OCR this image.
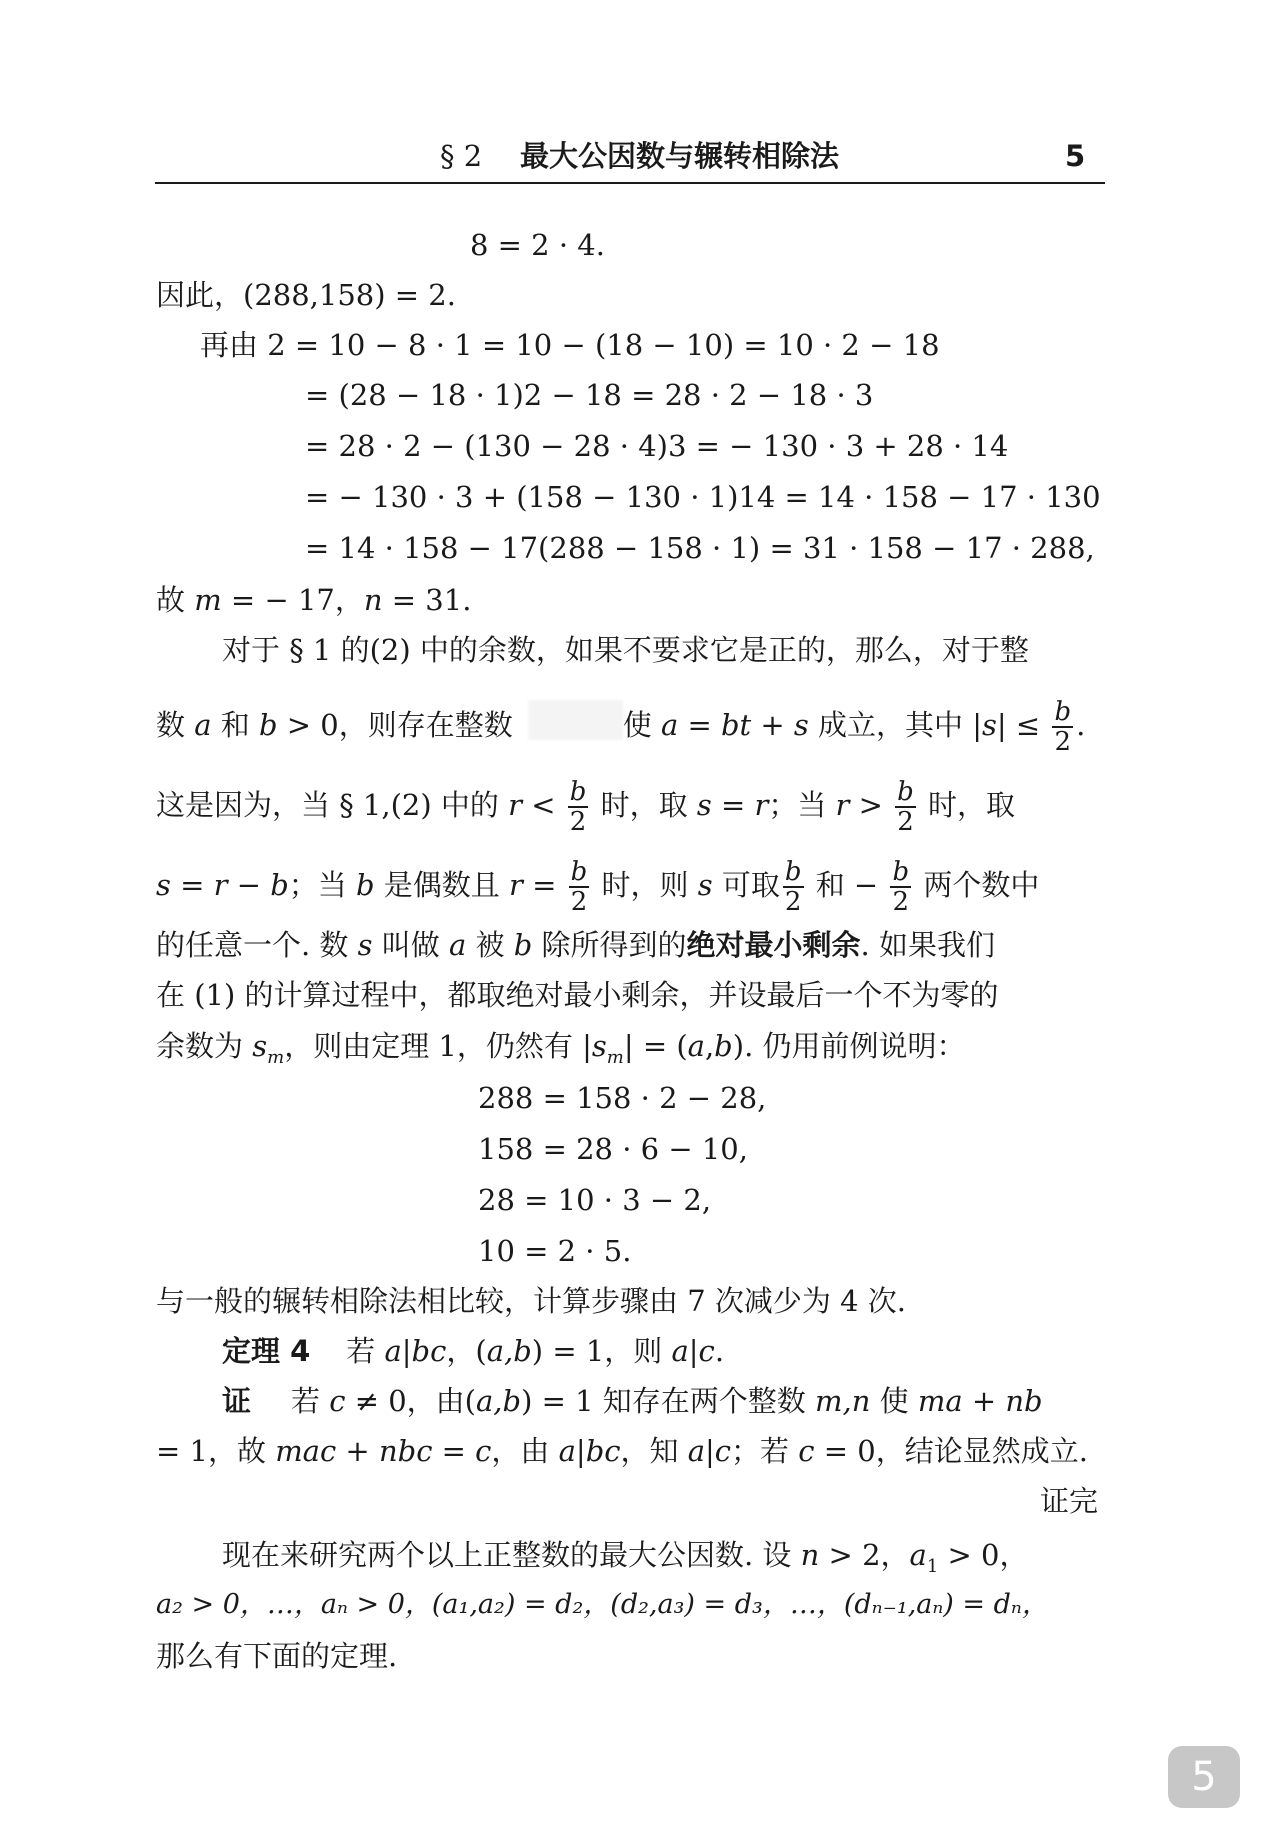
§ 2 最大公因数与辗转相除法	5
8 = 2 · 4.
因此，(288,158) = 2.
再由 2 = 10 − 8 · 1 = 10 − (18 − 10) = 10 · 2 − 18
= (28 − 18 · 1)2 − 18 = 28 · 2 − 18 · 3
= 28 · 2 − (130 − 28 · 4)3 = − 130 · 3 + 28 · 14
= − 130 · 3 + (158 − 130 · 1)14 = 14 · 158 − 17 · 130
= 14 · 158 − 17(288 − 158 · 1) = 31 · 158 − 17 · 288,
故 m = − 17，n = 31.
对于 § 1 的(2) 中的余数，如果不要求它是正的，那么，对于整
数 a 和 b > 0，则存在整数	使 a = bt + s 成立，其中 $|s| \le \frac{b}{2}$ .
这是因为，当 § 1,(2) 中的 $r < \frac{b}{2}$ 时，取 s = r；当 $r > \frac{b}{2}$ 时，取
s = r − b；当 b 是偶数且 $r = \frac{b}{2}$ 时，则 s 可取 $\frac{b}{2}$ 和 − $\frac{b}{2}$ 两个数中
的任意一个. 数 s 叫做 a 被 b 除所得到的绝对最小剩余. 如果我们
在 (1) 的计算过程中，都取绝对最小剩余，并设最后一个不为零的
余数为 $s_m$，则由定理 1，仍然有 $|s_m| = (a,b)$. 仍用前例说明：
288 = 158 · 2 − 28,
158 = 28 · 6 − 10,
28 = 10 · 3 − 2,
10 = 2 · 5.
与一般的辗转相除法相比较，计算步骤由 7 次减少为 4 次.
定理 4 若 a|bc，(a,b) = 1，则 a|c.
证 若 c ≠ 0，由(a,b) = 1 知存在两个整数 m,n 使 ma + nb
= 1，故 mac + nbc = c，由 a|bc，知 a|c；若 c = 0，结论显然成立.
证完
现在来研究两个以上正整数的最大公因数. 设 n > 2，$a_1 > 0$，
a₂ > 0，…，aₙ > 0，(a₁,a₂) = d₂，(d₂,a₃) = d₃，…，(dₙ₋₁,aₙ) = dₙ，
那么有下面的定理.
5
